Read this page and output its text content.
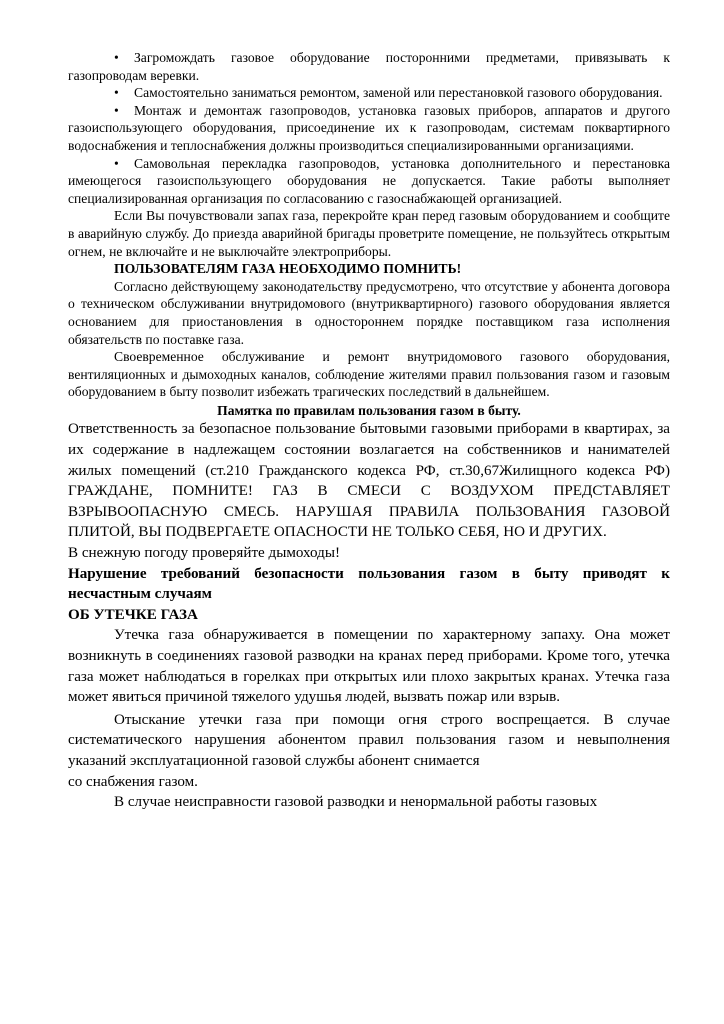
• Загромождать газовое оборудование посторонними предметами, привязывать к газопроводам веревки.

• Самостоятельно заниматься ремонтом, заменой или перестановкой газового оборудования.

• Монтаж и демонтаж газопроводов, установка газовых приборов, аппаратов и другого газоиспользующего оборудования, присоединение их к газопроводам, системам поквартирного водоснабжения и теплоснабжения должны производиться специализированными организациями.

• Самовольная перекладка газопроводов, установка дополнительного и перестановка имеющегося газоиспользующего оборудования не допускается. Такие работы выполняет специализированная организация по согласованию с газоснабжающей организацией.

Если Вы почувствовали запах газа, перекройте кран перед газовым оборудованием и сообщите в аварийную службу. До приезда аварийной бригады проветрите помещение, не пользуйтесь открытым огнем, не включайте и не выключайте электроприборы.

ПОЛЬЗОВАТЕЛЯМ ГАЗА НЕОБХОДИМО ПОМНИТЬ!

Согласно действующему законодательству предусмотрено, что отсутствие у абонента договора о техническом обслуживании внутридомового (внутриквартирного) газового оборудования является основанием для приостановления в одностороннем порядке поставщиком газа исполнения обязательств по поставке газа.

Своевременное обслуживание и ремонт внутридомового газового оборудования, вентиляционных и дымоходных каналов, соблюдение жителями правил пользования газом и газовым оборудованием в быту позволит избежать трагических последствий в дальнейшем.

Памятка по правилам пользования газом в быту.

Ответственность за безопасное пользование бытовыми газовыми приборами в квартирах, за их содержание в надлежащем состоянии возлагается на собственников и нанимателей жилых помещений (ст.210 Гражданского кодекса РФ, ст.30,67Жилищного кодекса РФ) ГРАЖДАНЕ, ПОМНИТЕ! ГАЗ В СМЕСИ С ВОЗДУХОМ ПРЕДСТАВЛЯЕТ ВЗРЫВООПАСНУЮ СМЕСЬ. НАРУШАЯ ПРАВИЛА ПОЛЬЗОВАНИЯ ГАЗОВОЙ ПЛИТОЙ, ВЫ ПОДВЕРГАЕТЕ ОПАСНОСТИ НЕ ТОЛЬКО СЕБЯ, НО И ДРУГИХ.

В снежную погоду проверяйте дымоходы!

Нарушение требований безопасности пользования газом в быту приводят к несчастным случаям

ОБ УТЕЧКЕ ГАЗА

Утечка газа обнаруживается в помещении по характерному запаху. Она может возникнуть в соединениях газовой разводки на кранах перед приборами. Кроме того, утечка газа может наблюдаться в горелках при открытых или плохо закрытых кранах. Утечка газа может явиться причиной тяжелого удушья людей, вызвать пожар или взрыв.

Отыскание утечки газа при помощи огня строго воспрещается. В случае систематического нарушения абонентом правил пользования газом и невыполнения указаний эксплуатационной газовой службы абонент снимается

со снабжения газом.

В случае неисправности газовой разводки и ненормальной работы газовых
